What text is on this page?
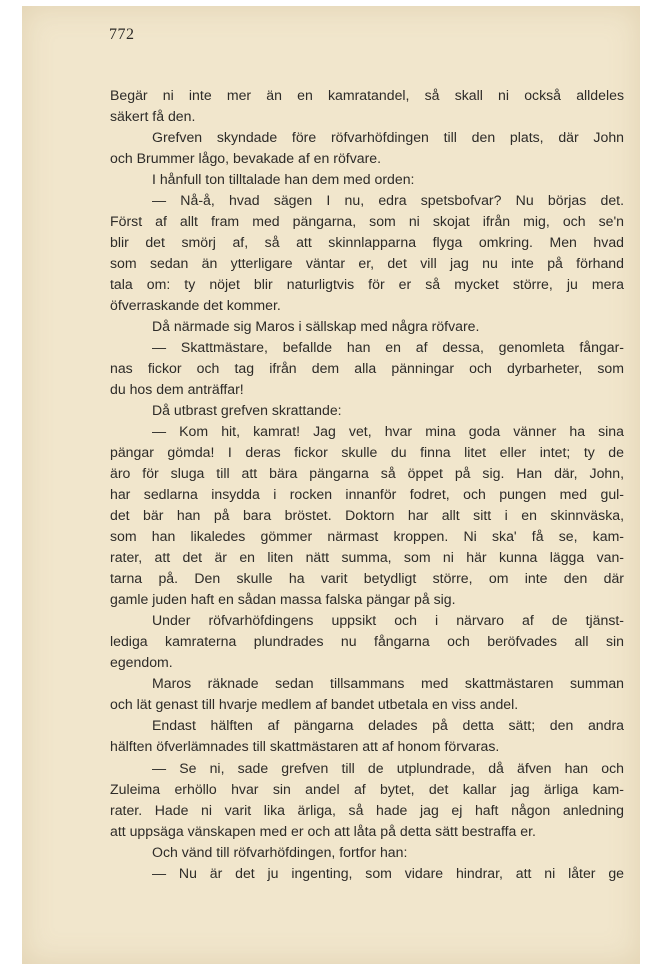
772
Begär ni inte mer än en kamratandel, så skall ni också alldeles
säkert få den.
Grefven skyndade före röfvarhöfdingen till den plats, där John
och Brummer lågo, bevakade af en röfvare.
I hånfull ton tilltalade han dem med orden:
— Nå-å, hvad sägen I nu, edra spetsbofvar? Nu börjas det.
Först af allt fram med pängarna, som ni skojat ifrån mig, och se'n
blir det smörj af, så att skinnlapparna flyga omkring. Men hvad
som sedan än ytterligare väntar er, det vill jag nu inte på förhand
tala om: ty nöjet blir naturligtvis för er så mycket större, ju mera
öfverraskande det kommer.
Då närmade sig Maros i sällskap med några röfvare.
— Skattmästare, befallde han en af dessa, genomleta fångar-
nas fickor och tag ifrån dem alla pänningar och dyrbarheter, som
du hos dem anträffar!
Då utbrast grefven skrattande:
— Kom hit, kamrat! Jag vet, hvar mina goda vänner ha sina
pängar gömda! I deras fickor skulle du finna litet eller intet; ty de
äro för sluga till att bära pängarna så öppet på sig. Han där, John,
har sedlarna insydda i rocken innanför fodret, och pungen med gul-
det bär han på bara bröstet. Doktorn har allt sitt i en skinnväska,
som han likaledes gömmer närmast kroppen. Ni ska' få se, kam-
rater, att det är en liten nätt summa, som ni här kunna lägga van-
tarna på. Den skulle ha varit betydligt större, om inte den där
gamle juden haft en sådan massa falska pängar på sig.
Under röfvarhöfdingens uppsikt och i närvaro af de tjänst-
lediga kamraterna plundrades nu fångarna och beröfvades all sin
egendom.
Maros räknade sedan tillsammans med skattmästaren summan
och lät genast till hvarje medlem af bandet utbetala en viss andel.
Endast hälften af pängarna delades på detta sätt; den andra
hälften öfverlämnades till skattmästaren att af honom förvaras.
— Se ni, sade grefven till de utplundrade, då äfven han och
Zuleima erhöllo hvar sin andel af bytet, det kallar jag ärliga kam-
rater. Hade ni varit lika ärliga, så hade jag ej haft någon anledning
att uppsäga vänskapen med er och att låta på detta sätt bestraffa er.
Och vänd till röfvarhöfdingen, fortfor han:
— Nu är det ju ingenting, som vidare hindrar, att ni låter ge
